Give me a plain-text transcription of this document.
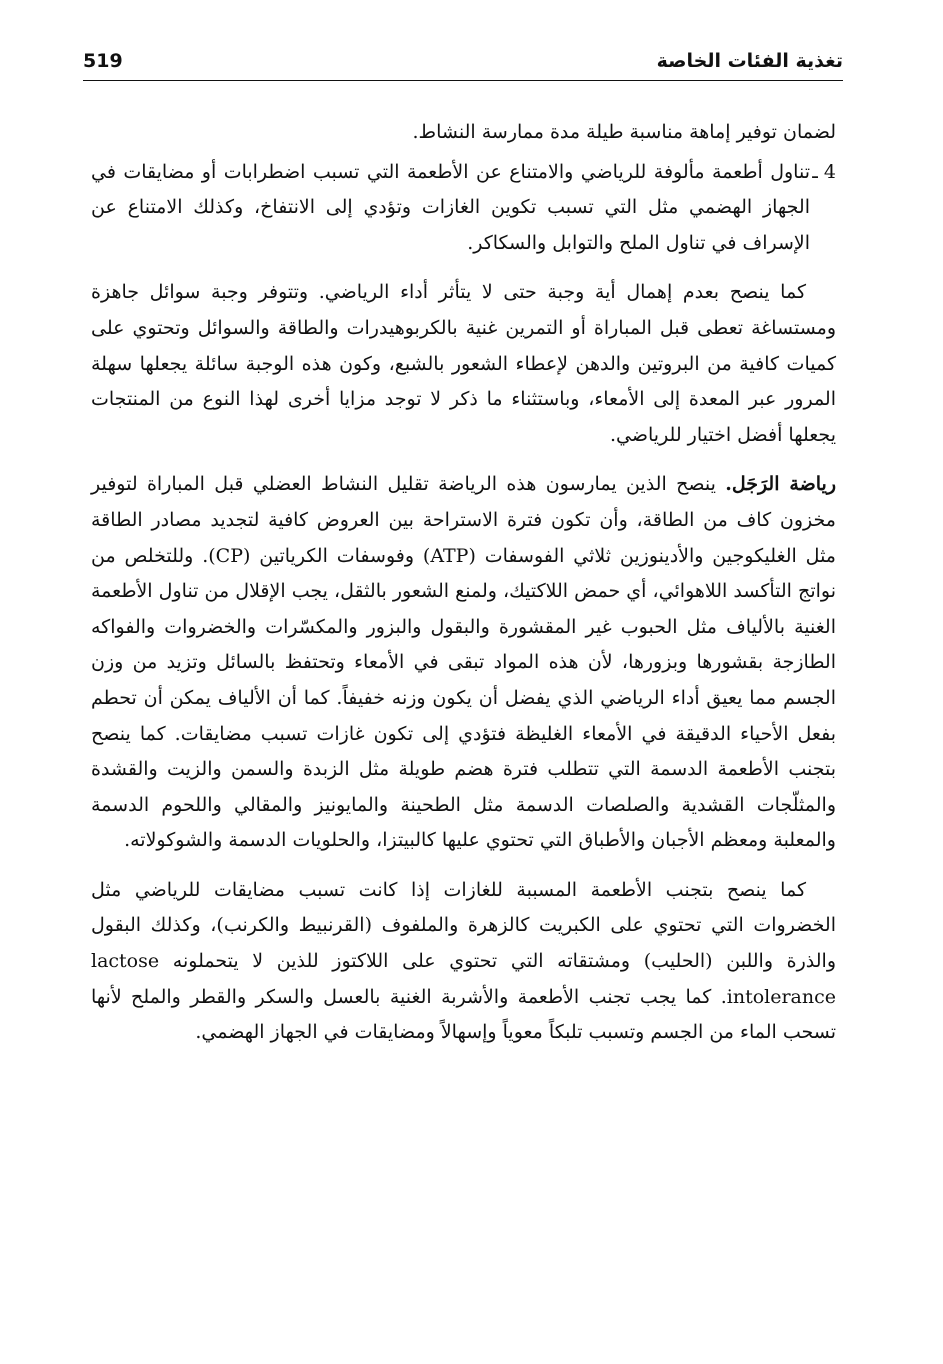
تغذية الفئات الخاصة
519

لضمان توفير إماهة مناسبة طيلة مدة ممارسة النشاط.

4 ـ
تناول أطعمة مألوفة للرياضي والامتناع عن الأطعمة التي تسبب اضطرابات أو مضايقات في الجهاز الهضمي مثل التي تسبب تكوين الغازات وتؤدي إلى الانتفاخ، وكذلك الامتناع عن الإسراف في تناول الملح والتوابل والسكاكر.

كما ينصح بعدم إهمال أية وجبة حتى لا يتأثر أداء الرياضي. وتتوفر وجبة سوائل جاهزة ومستساغة تعطى قبل المباراة أو التمرين غنية بالكربوهيدرات والطاقة والسوائل وتحتوي على كميات كافية من البروتين والدهن لإعطاء الشعور بالشبع، وكون هذه الوجبة سائلة يجعلها سهلة المرور عبر المعدة إلى الأمعاء، وباستثناء ما ذكر لا توجد مزايا أخرى لهذا النوع من المنتجات يجعلها أفضل اختيار للرياضي.

رياضة الرَجَل. ينصح الذين يمارسون هذه الرياضة تقليل النشاط العضلي قبل المباراة لتوفير مخزون كاف من الطاقة، وأن تكون فترة الاستراحة بين العروض كافية لتجديد مصادر الطاقة مثل الغليكوجين والأدينوزين ثلاثي الفوسفات (ATP) وفوسفات الكرياتين (CP). وللتخلص من نواتج التأكسد اللاهوائي، أي حمض اللاكتيك، ولمنع الشعور بالثقل، يجب الإقلال من تناول الأطعمة الغنية بالألياف مثل الحبوب غير المقشورة والبقول والبزور والمكسّرات والخضروات والفواكه الطازجة بقشورها وبزورها، لأن هذه المواد تبقى في الأمعاء وتحتفظ بالسائل وتزيد من وزن الجسم مما يعيق أداء الرياضي الذي يفضل أن يكون وزنه خفيفاً. كما أن الألياف يمكن أن تحطم بفعل الأحياء الدقيقة في الأمعاء الغليظة فتؤدي إلى تكون غازات تسبب مضايقات. كما ينصح بتجنب الأطعمة الدسمة التي تتطلب فترة هضم طويلة مثل الزبدة والسمن والزيت والقشدة والمثلّجات القشدية والصلصات الدسمة مثل الطحينة والمايونيز والمقالي واللحوم الدسمة والمعلبة ومعظم الأجبان والأطباق التي تحتوي عليها كالبيتزا، والحلويات الدسمة والشوكولاته.

كما ينصح بتجنب الأطعمة المسببة للغازات إذا كانت تسبب مضايقات للرياضي مثل الخضروات التي تحتوي على الكبريت كالزهرة والملفوف (القرنبيط والكرنب)، وكذلك البقول والذرة واللبن (الحليب) ومشتقاته التي تحتوي على اللاكتوز للذين لا يتحملونه lactose intolerance. كما يجب تجنب الأطعمة والأشربة الغنية بالعسل والسكر والقطر والملح لأنها تسحب الماء من الجسم وتسبب تلبكاً معوياً وإسهالاً ومضايقات في الجهاز الهضمي.
